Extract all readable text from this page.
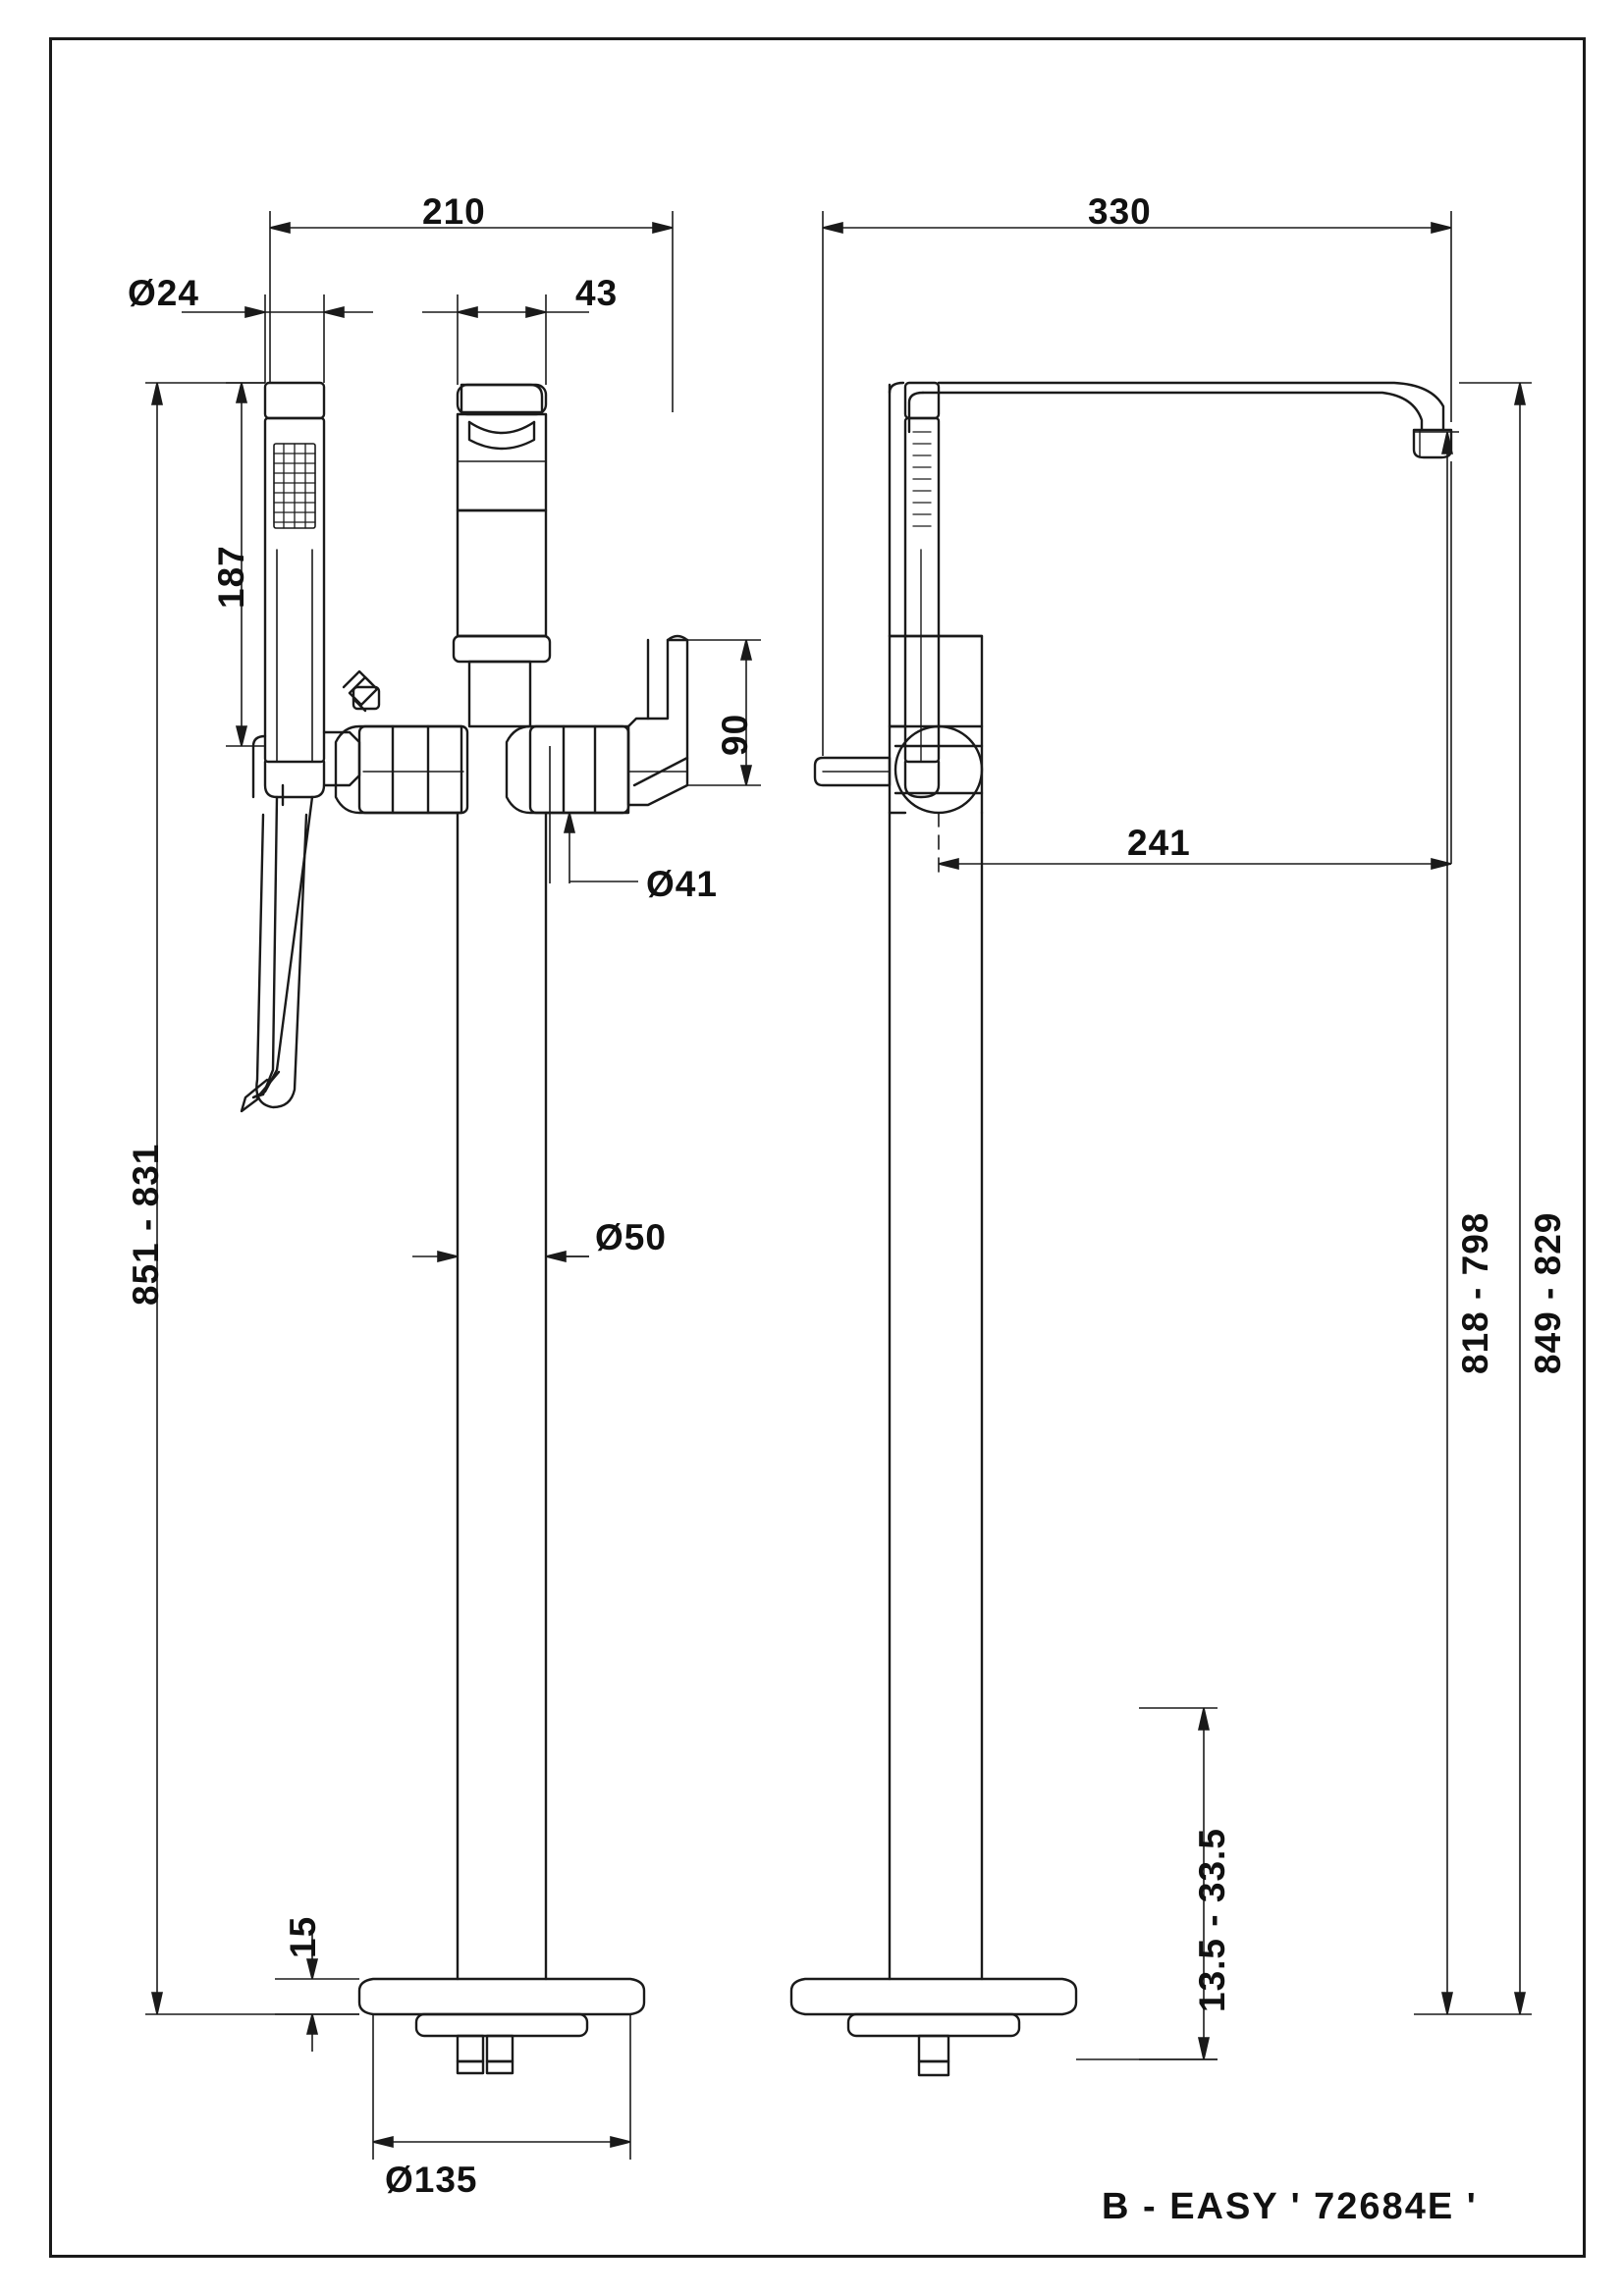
210
Ø24	43
187
90
Ø41
Ø50
851 - 831
15
Ø135
330
241
818 - 798 849 - 829
13.5 - 33.5
B - EASY ' 72684E '
